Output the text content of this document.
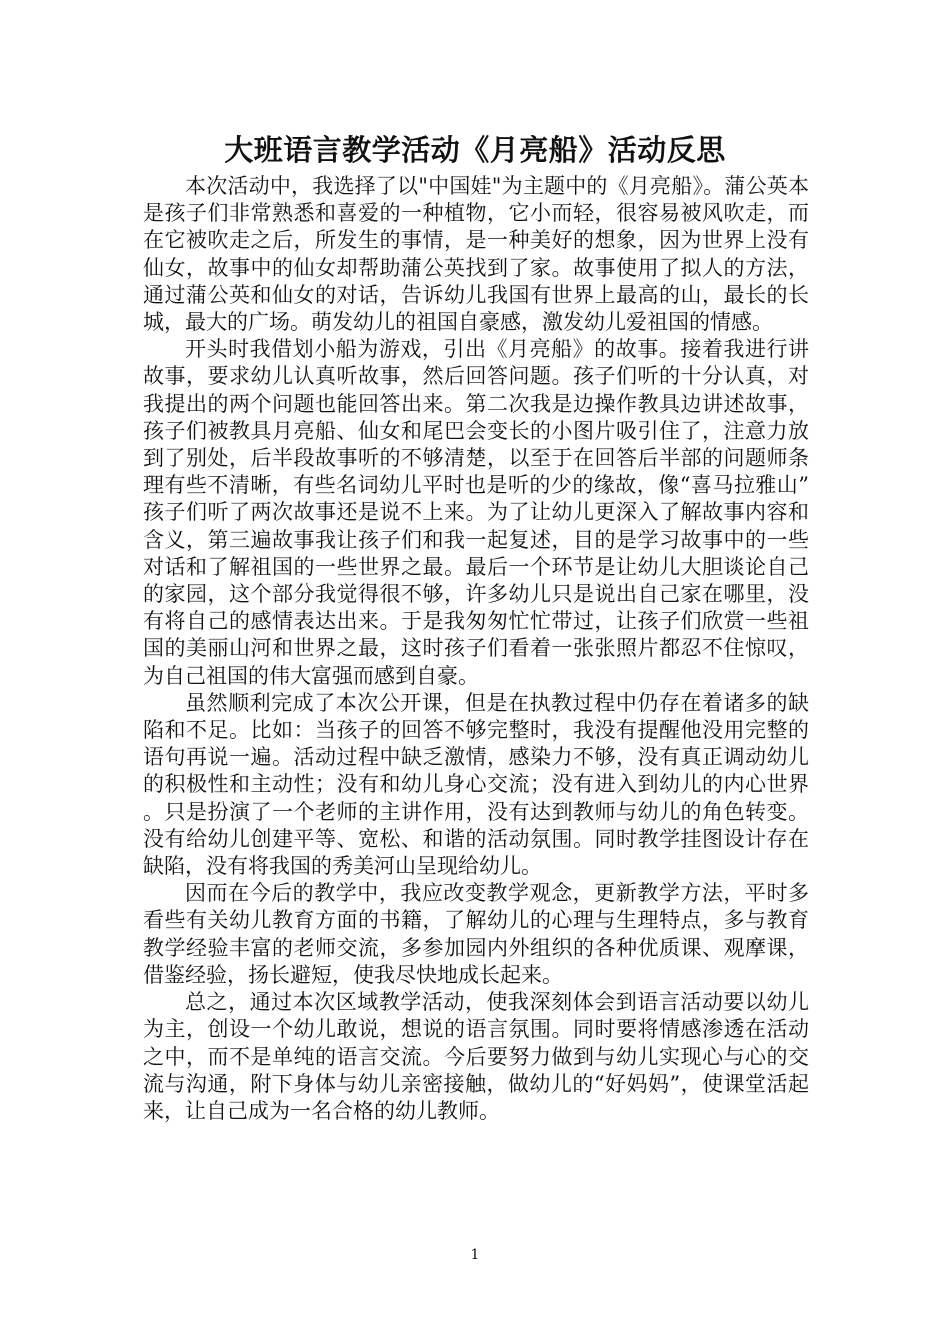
大班语言教学活动《月亮船》活动反思

本次活动中，我选择了以"中国娃"为主题中的《月亮船》。蒲公英本是孩子们非常熟悉和喜爱的一种植物，它小而轻，很容易被风吹走，而在它被吹走之后，所发生的事情，是一种美好的想象，因为世界上没有仙女，故事中的仙女却帮助蒲公英找到了家。故事使用了拟人的方法，通过蒲公英和仙女的对话，告诉幼儿我国有世界上最高的山，最长的长城，最大的广场。萌发幼儿的祖国自豪感，激发幼儿爱祖国的情感。

开头时我借划小船为游戏，引出《月亮船》的故事。接着我进行讲故事，要求幼儿认真听故事，然后回答问题。孩子们听的十分认真，对我提出的两个问题也能回答出来。第二次我是边操作教具边讲述故事，孩子们被教具月亮船、仙女和尾巴会变长的小图片吸引住了，注意力放到了别处，后半段故事听的不够清楚，以至于在回答后半部的问题师条理有些不清晰，有些名词幼儿平时也是听的少的缘故，像“喜马拉雅山”孩子们听了两次故事还是说不上来。为了让幼儿更深入了解故事内容和含义，第三遍故事我让孩子们和我一起复述，目的是学习故事中的一些对话和了解祖国的一些世界之最。最后一个环节是让幼儿大胆谈论自己的家园，这个部分我觉得很不够，许多幼儿只是说出自己家在哪里，没有将自己的感情表达出来。于是我匆匆忙忙带过，让孩子们欣赏一些祖国的美丽山河和世界之最，这时孩子们看着一张张照片都忍不住惊叹，为自己祖国的伟大富强而感到自豪。

虽然顺利完成了本次公开课，但是在执教过程中仍存在着诸多的缺陷和不足。比如：当孩子的回答不够完整时，我没有提醒他没用完整的语句再说一遍。活动过程中缺乏激情，感染力不够，没有真正调动幼儿的积极性和主动性；没有和幼儿身心交流；没有进入到幼儿的内心世界。只是扮演了一个老师的主讲作用，没有达到教师与幼儿的角色转变。没有给幼儿创建平等、宽松、和谐的活动氛围。同时教学挂图设计存在缺陷，没有将我国的秀美河山呈现给幼儿。

因而在今后的教学中，我应改变教学观念，更新教学方法，平时多看些有关幼儿教育方面的书籍，了解幼儿的心理与生理特点，多与教育教学经验丰富的老师交流，多参加园内外组织的各种优质课、观摩课，借鉴经验，扬长避短，使我尽快地成长起来。

总之，通过本次区域教学活动，使我深刻体会到语言活动要以幼儿为主，创设一个幼儿敢说，想说的语言氛围。同时要将情感渗透在活动之中，而不是单纯的语言交流。今后要努力做到与幼儿实现心与心的交流与沟通，附下身体与幼儿亲密接触，做幼儿的“好妈妈”，使课堂活起来，让自己成为一名合格的幼儿教师。

1
